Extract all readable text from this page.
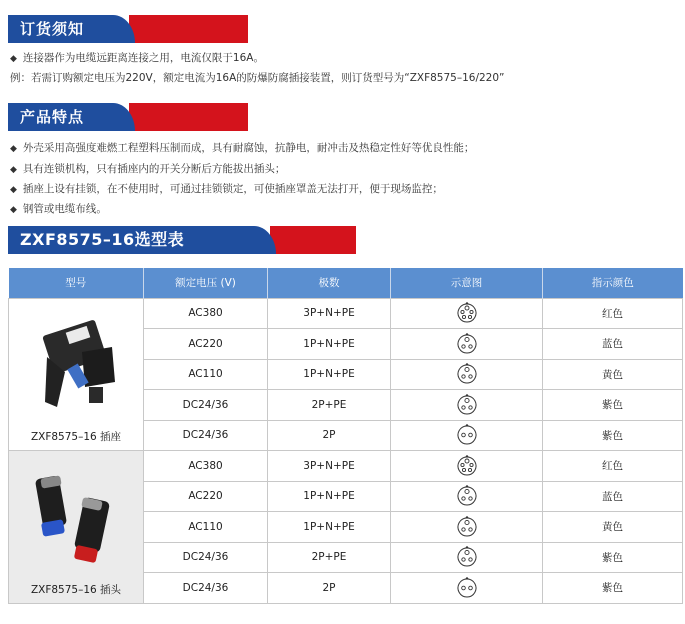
订货须知
◆ 连接器作为电缆远距离连接之用，电流仅限于16A。
例：若需订购额定电压为220V，额定电流为16A的防爆防腐插接装置，则订货型号为“ZXF8575–16/220”
产品特点
◆ 外壳采用高强度难燃工程塑料压制而成，具有耐腐蚀，抗静电，耐冲击及热稳定性好等优良性能；
◆ 具有连锁机构，只有插座内的开关分断后方能拔出插头；
◆ 插座上设有挂锁，在不使用时，可通过挂锁锁定，可使插座罩盖无法打开，便于现场监控；
◆ 钢管或电缆布线。
ZXF8575–16选型表
型号	额定电压 (V)	极数	示意图	指示颜色

ZXF8575–16 插座	AC380	3P+N+PE		红色
	AC220	1P+N+PE		蓝色
	AC110	1P+N+PE		黄色
	DC24/36	2P+PE		紫色
	DC24/36	2P		紫色

ZXF8575–16 插头	AC380	3P+N+PE		红色
	AC220	1P+N+PE		蓝色
	AC110	1P+N+PE		黄色
	DC24/36	2P+PE		紫色
	DC24/36	2P		紫色
